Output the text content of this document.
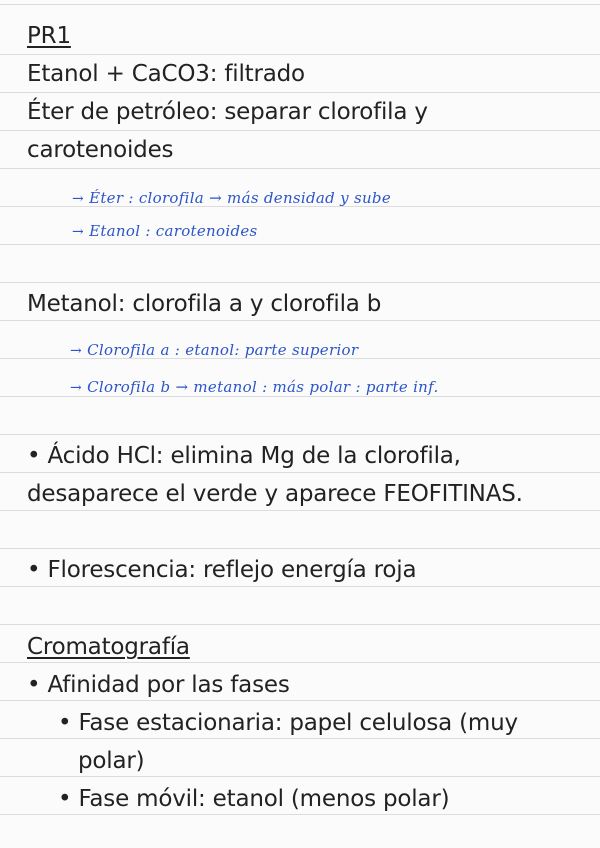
PR1
Etanol + CaCO3: filtrado
Éter de petróleo: separar clorofila y
carotenoides
→ Éter : clorofila → más densidad y sube
→ Etanol : carotenoides
Metanol: clorofila a y clorofila b
→ Clorofila a : etanol: parte superior
→ Clorofila b → metanol : más polar : parte inf.
• Ácido HCl: elimina Mg de la clorofila,
desaparece el verde y aparece FEOFITINAS.
• Florescencia: reflejo energía roja
Cromatografía
• Afinidad por las fases
• Fase estacionaria: papel celulosa (muy
polar)
• Fase móvil: etanol (menos polar)
